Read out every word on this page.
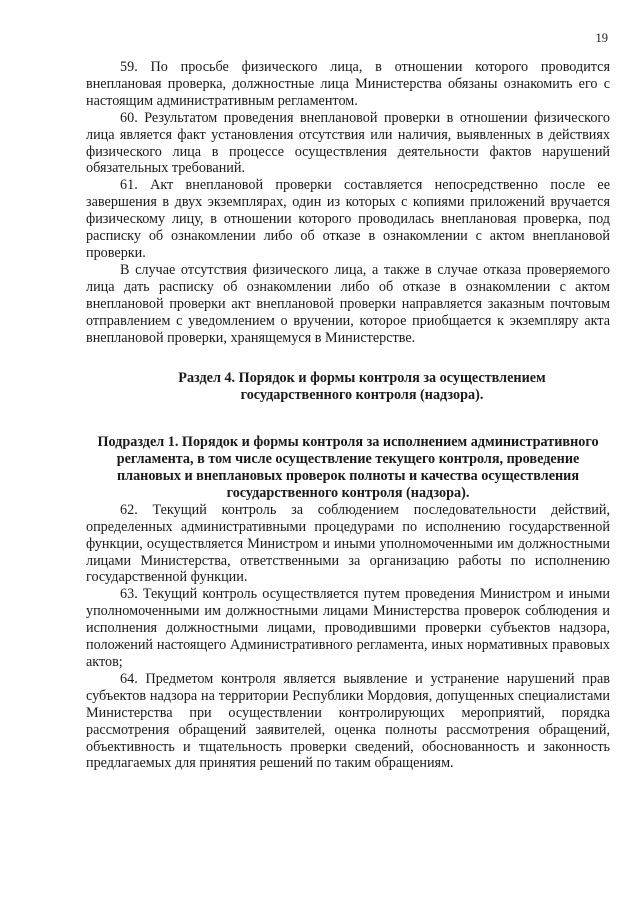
19

59. По просьбе физического лица, в отношении которого проводится внеплановая проверка, должностные лица Министерства обязаны ознакомить его с настоящим административным регламентом.

60. Результатом проведения внеплановой проверки в отношении физического лица является факт установления отсутствия или наличия, выявленных в действиях физического лица в процессе осуществления деятельности фактов нарушений обязательных требований.

61. Акт внеплановой проверки составляется непосредственно после ее завершения в двух экземплярах, один из которых с копиями приложений вручается физическому лицу, в отношении которого проводилась внеплановая проверка, под расписку об ознакомлении либо об отказе в ознакомлении с актом внеплановой проверки.

В случае отсутствия физического лица, а также в случае отказа проверяемого лица дать расписку об ознакомлении либо об отказе в ознакомлении с актом внеплановой проверки акт внеплановой проверки направляется заказным почтовым отправлением с уведомлением о вручении, которое приобщается к экземпляру акта внеплановой проверки, хранящемуся в Министерстве.

Раздел 4. Порядок и формы контроля за осуществлением государственного контроля (надзора).

Подраздел 1. Порядок и формы контроля за исполнением административного регламента, в том числе осуществление текущего контроля, проведение плановых и внеплановых проверок полноты и качества осуществления государственного контроля (надзора).

62. Текущий контроль за соблюдением последовательности действий, определенных административными процедурами по исполнению государственной функции, осуществляется Министром и иными уполномоченными им должностными лицами Министерства, ответственными за организацию работы по исполнению государственной функции.

63. Текущий контроль осуществляется путем проведения Министром и иными уполномоченными им должностными лицами Министерства проверок соблюдения и исполнения должностными лицами, проводившими проверки субъектов надзора, положений настоящего Административного регламента, иных нормативных правовых актов;

64. Предметом контроля является выявление и устранение нарушений прав субъектов надзора на территории Республики Мордовия, допущенных специалистами Министерства при осуществлении контролирующих мероприятий, порядка рассмотрения обращений заявителей, оценка полноты рассмотрения обращений, объективность и тщательность проверки сведений, обоснованность и законность предлагаемых для принятия решений по таким обращениям.
